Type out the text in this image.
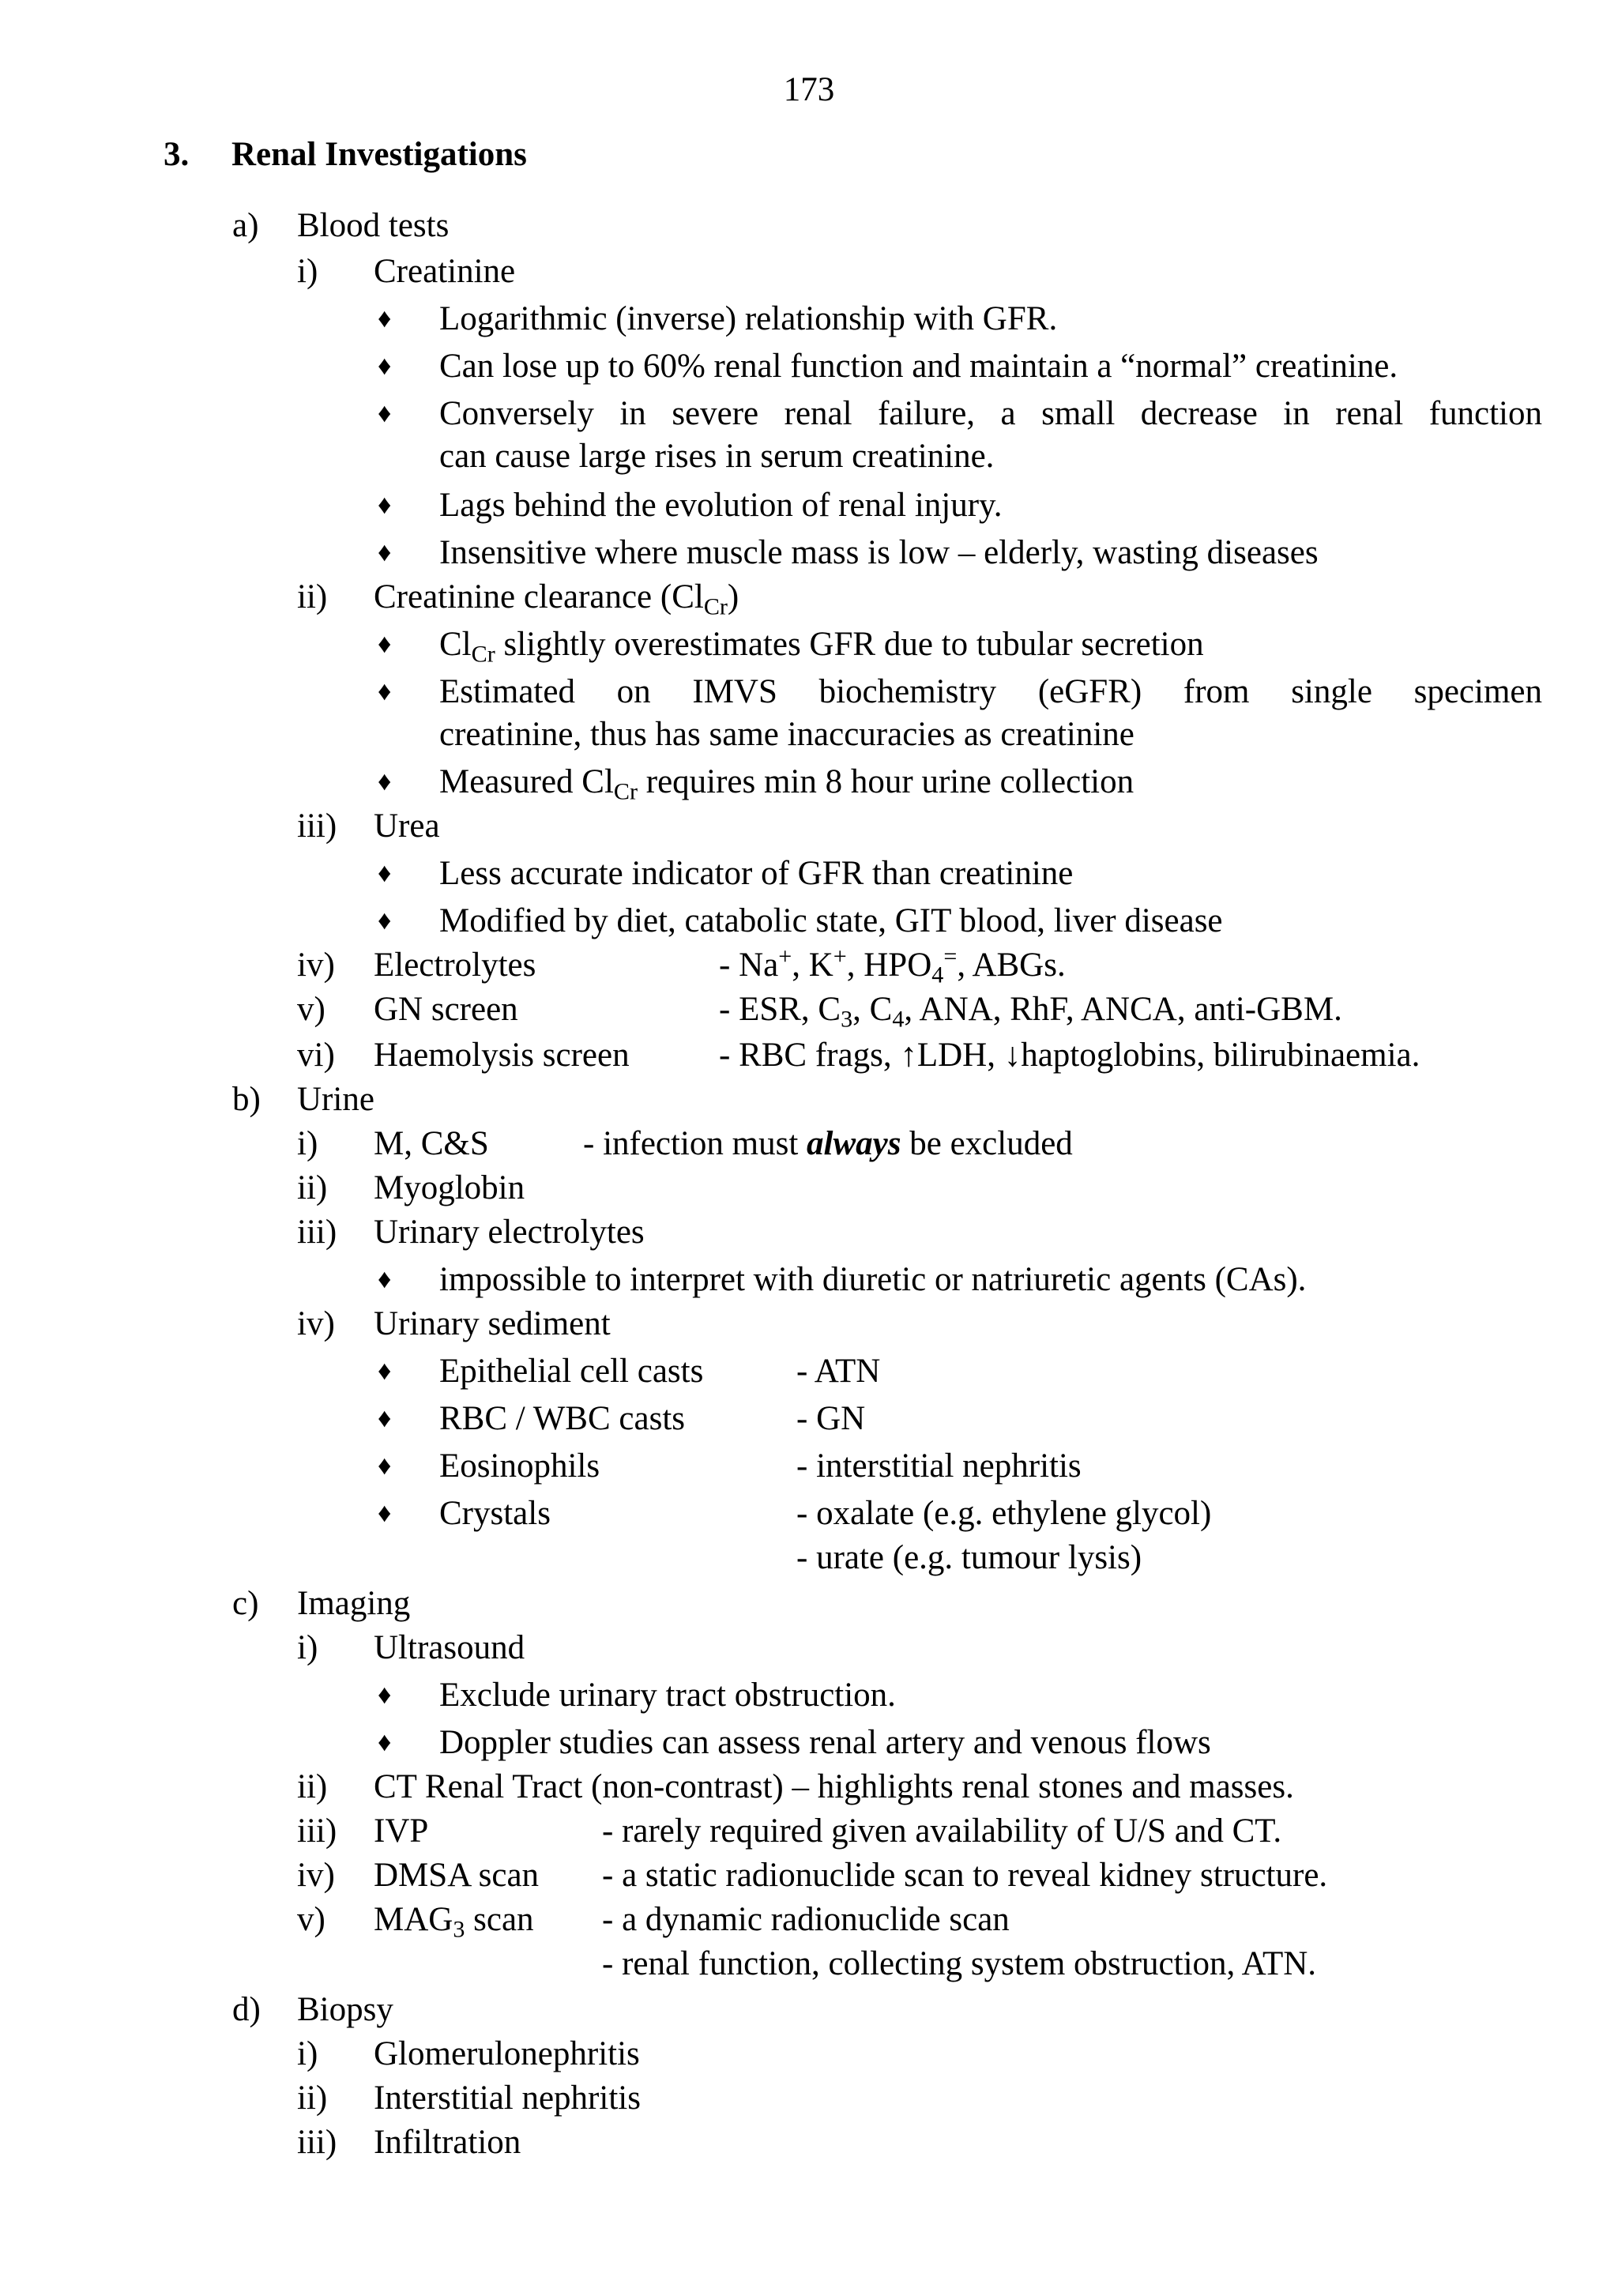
173
3. Renal Investigations
a) Blood tests
i) Creatinine
♦ Logarithmic (inverse) relationship with GFR.
♦ Can lose up to 60% renal function and maintain a “normal” creatinine.
♦ Conversely in severe renal failure, a small decrease in renal function
can cause large rises in serum creatinine.
♦ Lags behind the evolution of renal injury.
♦ Insensitive where muscle mass is low – elderly, wasting diseases
ii) Creatinine clearance $(Cl_{Cr})$
♦ $Cl_{Cr}$ slightly overestimates GFR due to tubular secretion
♦ Estimated on IMVS biochemistry (eGFR) from single specimen
creatinine, thus has same inaccuracies as creatinine
♦ Measured $Cl_{Cr}$ requires min 8 hour urine collection
iii) Urea
♦ Less accurate indicator of GFR than creatinine
♦ Modified by diet, catabolic state, GIT blood, liver disease
iv) Electrolytes	- Na+, K+, $HPO_4^=$, ABGs.
v) GN screen	- ESR, $C_3$, $C_4$, ANA, RhF, ANCA, anti-GBM.
vi) Haemolysis screen	- RBC frags, ↑LDH, ↓haptoglobins, bilirubinaemia.
b) Urine
i) M, C&S	- infection must always be excluded
ii) Myoglobin
iii) Urinary electrolytes
♦ impossible to interpret with diuretic or natriuretic agents (CAs).
iv) Urinary sediment
♦ Epithelial cell casts	- ATN
♦ RBC / WBC casts	- GN
♦ Eosinophils	- interstitial nephritis
♦ Crystals	- oxalate (e.g. ethylene glycol)
- urate (e.g. tumour lysis)
c) Imaging
i) Ultrasound
♦ Exclude urinary tract obstruction.
♦ Doppler studies can assess renal artery and venous flows
ii) CT Renal Tract (non-contrast) – highlights renal stones and masses.
iii) IVP	- rarely required given availability of U/S and CT.
iv) DMSA scan - a static radionuclide scan to reveal kidney structure.
v) $MAG_3$ scan - a dynamic radionuclide scan
- renal function, collecting system obstruction, ATN.
d) Biopsy
i) Glomerulonephritis
ii) Interstitial nephritis
iii) Infiltration
